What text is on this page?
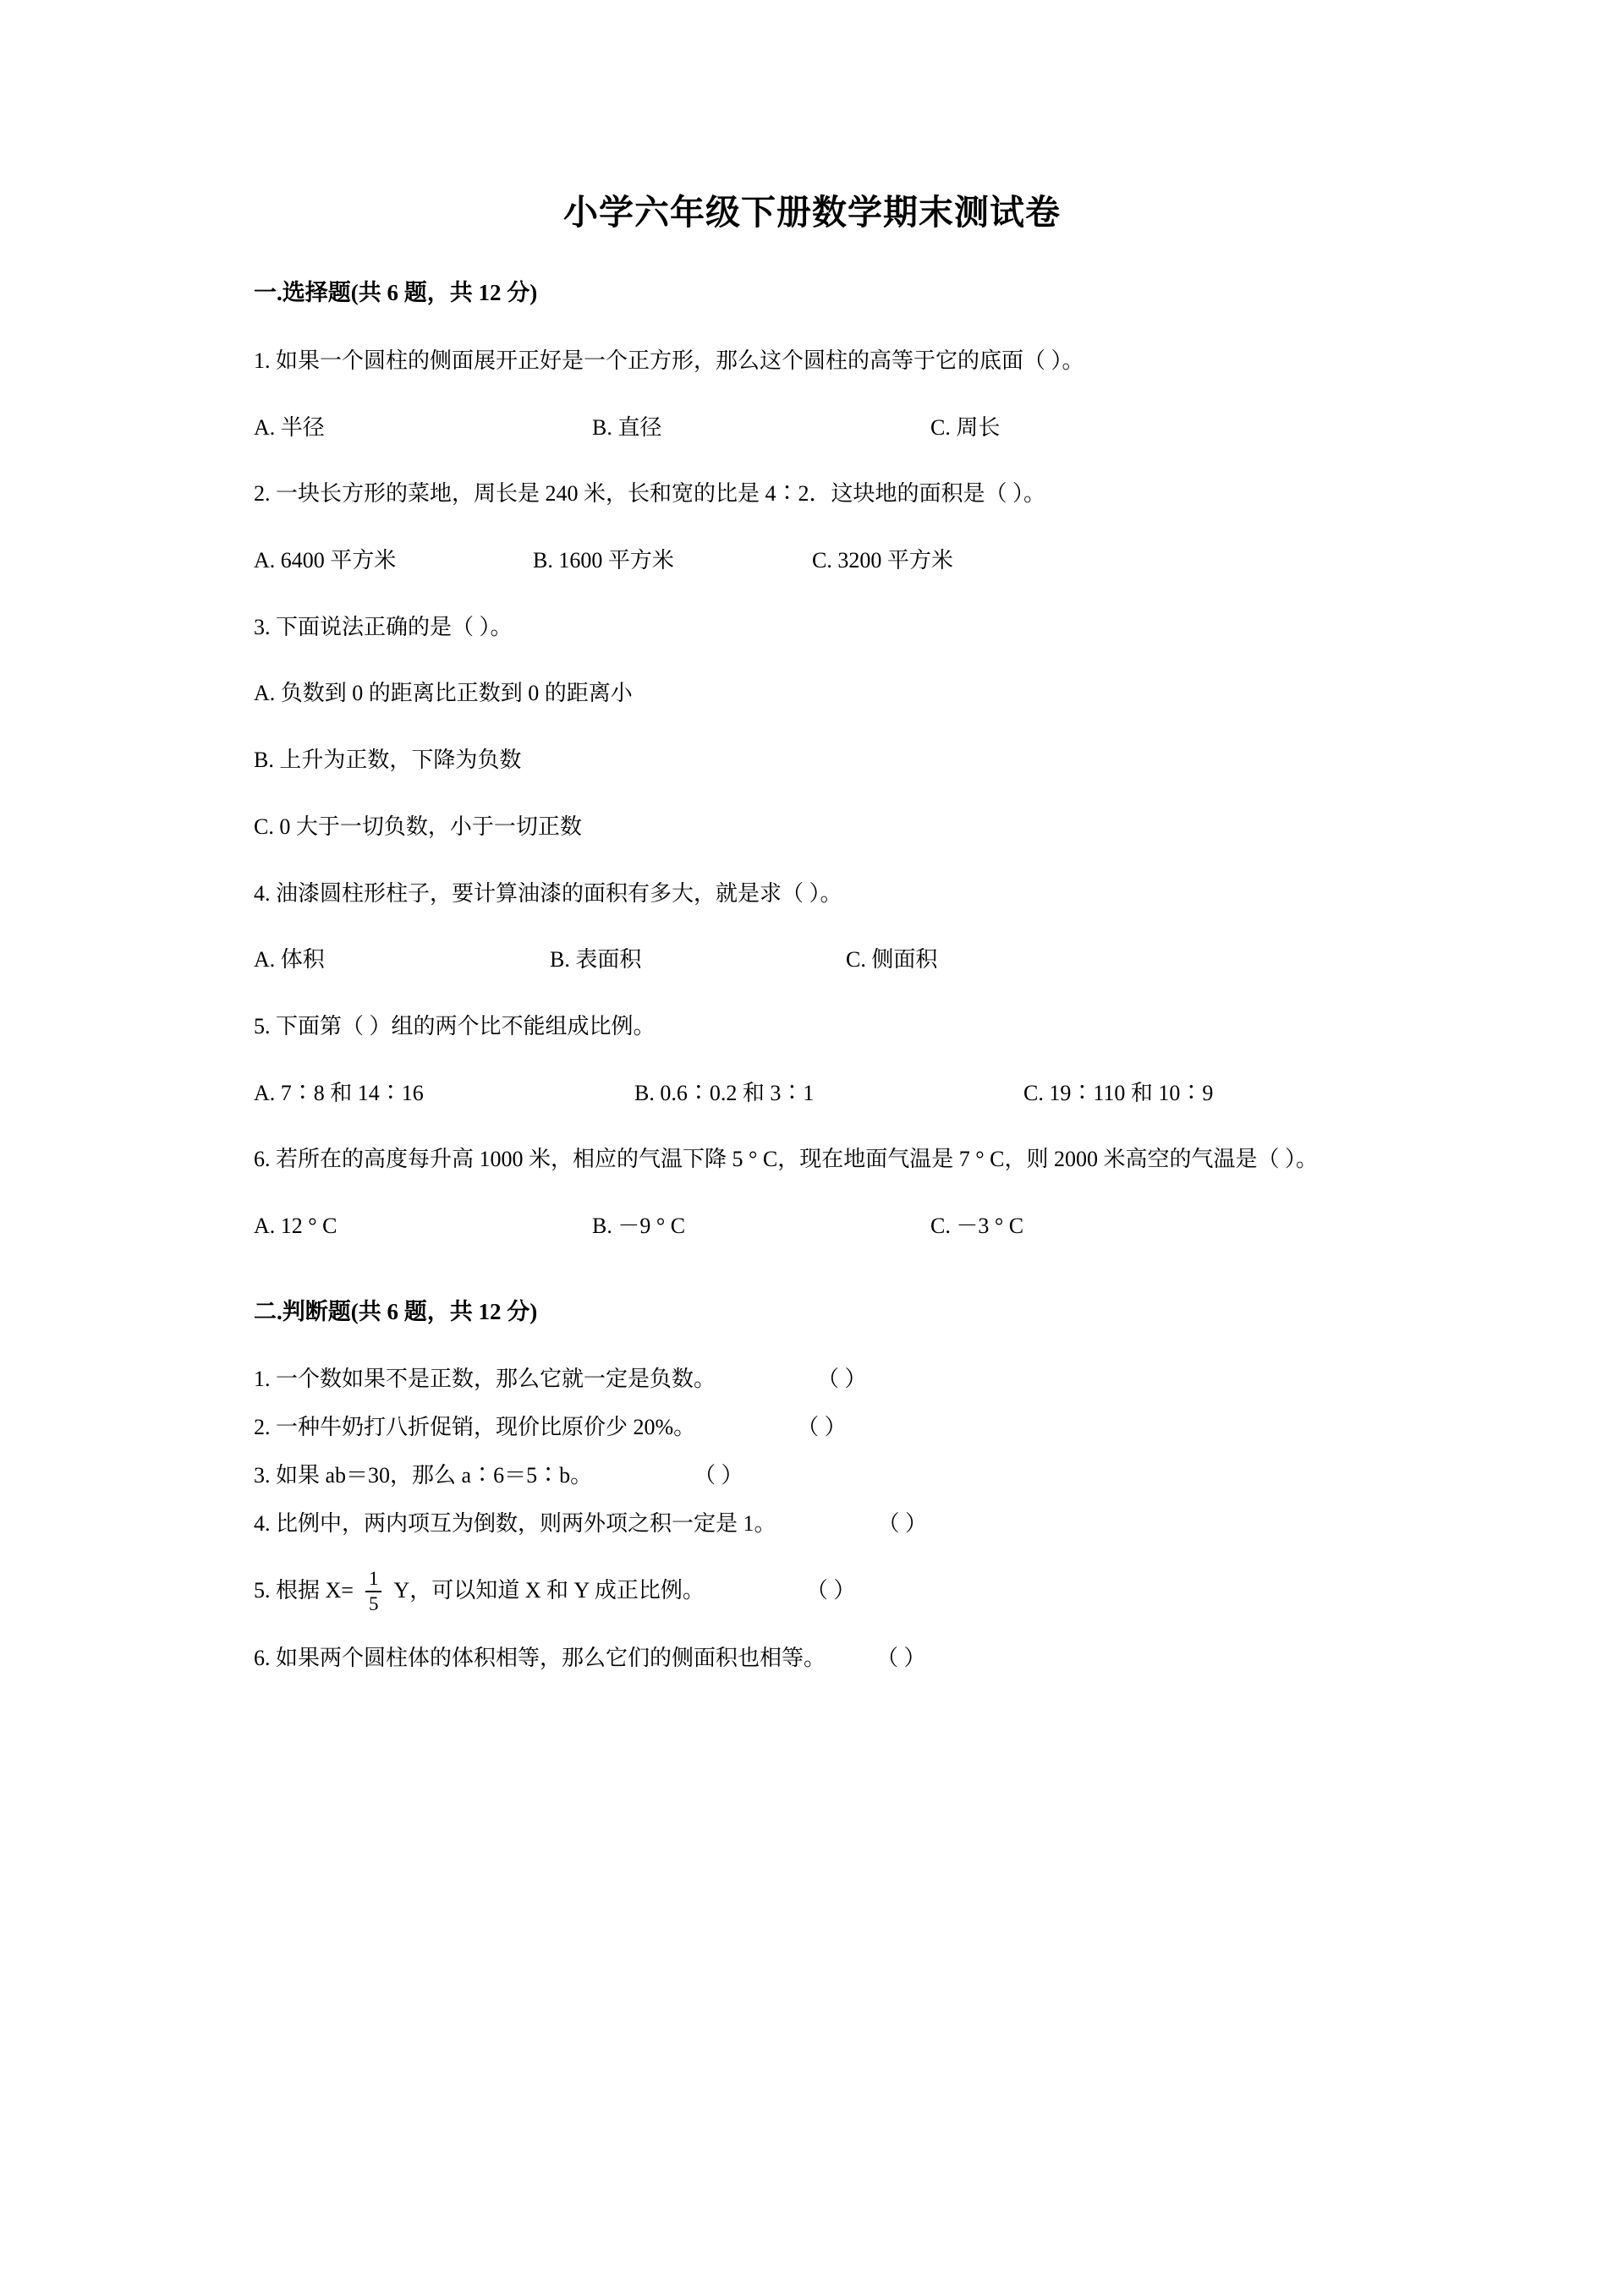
小学六年级下册数学期末测试卷
一.选择题(共 6 题，共 12 分)

1. 如果一个圆柱的侧面展开正好是一个正方形，那么这个圆柱的高等于它的底面（ ）。

A. 半径	B. 直径	C. 周长

2. 一块长方形的菜地，周长是 240 米，长和宽的比是 4∶2．这块地的面积是（ ）。

A. 6400 平方米	B. 1600 平方米	C. 3200 平方米

3. 下面说法正确的是（ ）。

A. 负数到 0 的距离比正数到 0 的距离小
B. 上升为正数，下降为负数
C. 0 大于一切负数，小于一切正数

4. 油漆圆柱形柱子，要计算油漆的面积有多大，就是求（ ）。

A. 体积	B. 表面积	C. 侧面积

5. 下面第（ ）组的两个比不能组成比例。

A. 7∶8 和 14∶16	B. 0.6∶0.2 和 3∶1	C. 19∶110 和 10∶9

6. 若所在的高度每升高 1000 米，相应的气温下降 5 ° C，现在地面气温是 7 ° C，则 2000 米高空的气温是（ ）。

A. 12 ° C	B. －9 ° C	C. －3 ° C
二.判断题(共 6 题，共 12 分)
1. 一个数如果不是正数，那么它就一定是负数。	（ ）
2. 一种牛奶打八折促销，现价比原价少 20%。	（ ）
3. 如果 ab＝30，那么 a∶6＝5∶b。	（ ）
4. 比例中，两内项互为倒数，则两外项之积一定是 1。	（ ）
5. 根据 $X= \frac{1}{5}$ Y，可以知道 X 和 Y 成正比例。	（ ）
6. 如果两个圆柱体的体积相等，那么它们的侧面积也相等。 （ ）
